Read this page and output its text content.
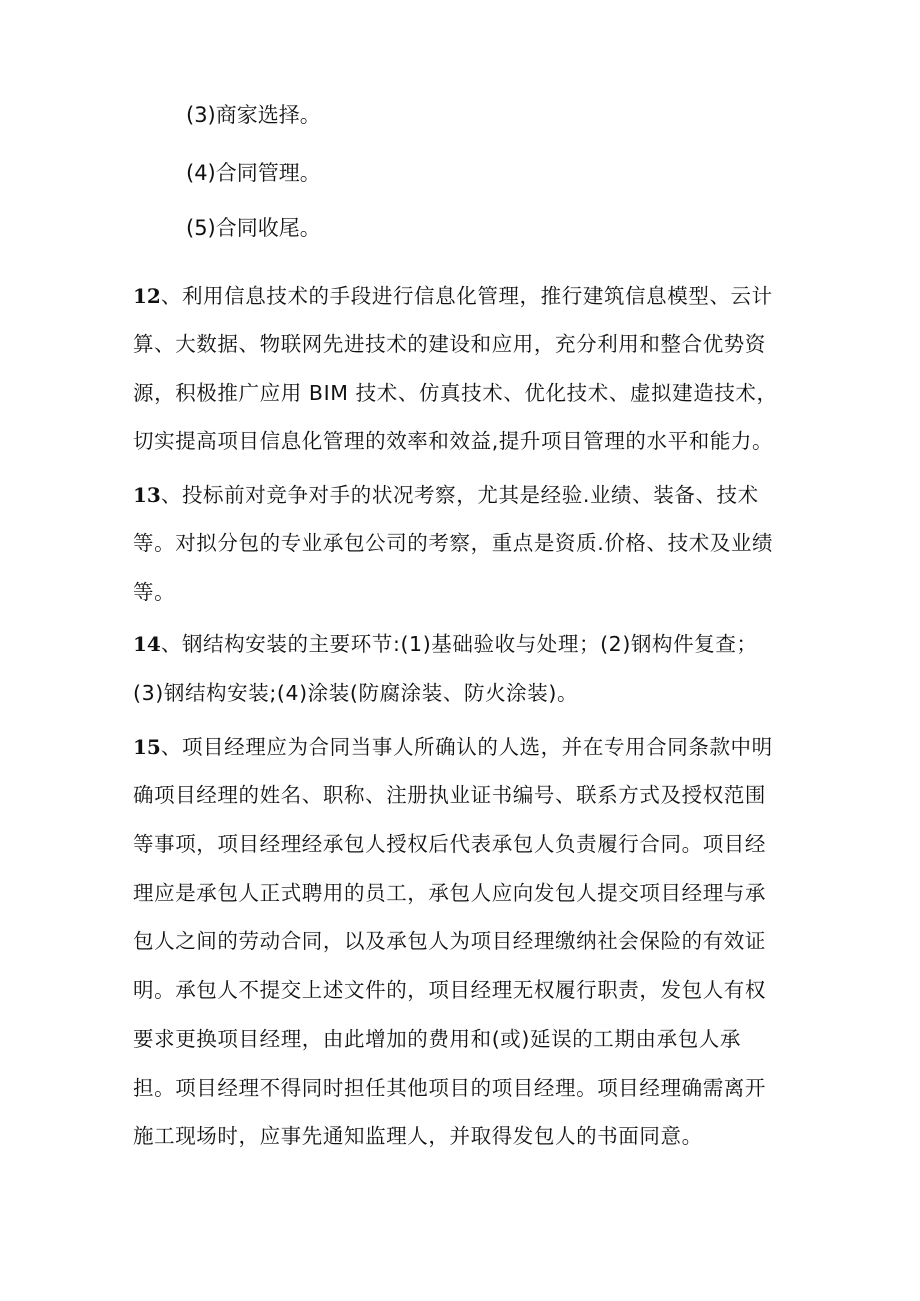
(3)商家选择。
(4)合同管理。
(5)合同收尾。
12、利用信息技术的手段进行信息化管理，推行建筑信息模型、云计
算、大数据、物联网先进技术的建设和应用，充分利用和整合优势资
源，积极推广应用 BIM 技术、仿真技术、优化技术、虚拟建造技术，
切实提高项目信息化管理的效率和效益,提升项目管理的水平和能力。
13、投标前对竞争对手的状况考察，尤其是经验.业绩、装备、技术
等。对拟分包的专业承包公司的考察，重点是资质.价格、技术及业绩
等。
14、钢结构安装的主要环节:(1)基础验收与处理；(2)钢构件复查；
(3)钢结构安装;(4)涂装(防腐涂装、防火涂装)。
15、项目经理应为合同当事人所确认的人选，并在专用合同条款中明
确项目经理的姓名、职称、注册执业证书编号、联系方式及授权范围
等事项，项目经理经承包人授权后代表承包人负责履行合同。项目经
理应是承包人正式聘用的员工，承包人应向发包人提交项目经理与承
包人之间的劳动合同，以及承包人为项目经理缴纳社会保险的有效证
明。承包人不提交上述文件的，项目经理无权履行职责，发包人有权
要求更换项目经理，由此增加的费用和(或)延误的工期由承包人承
担。项目经理不得同时担任其他项目的项目经理。项目经理确需离开
施工现场时，应事先通知监理人，并取得发包人的书面同意。
